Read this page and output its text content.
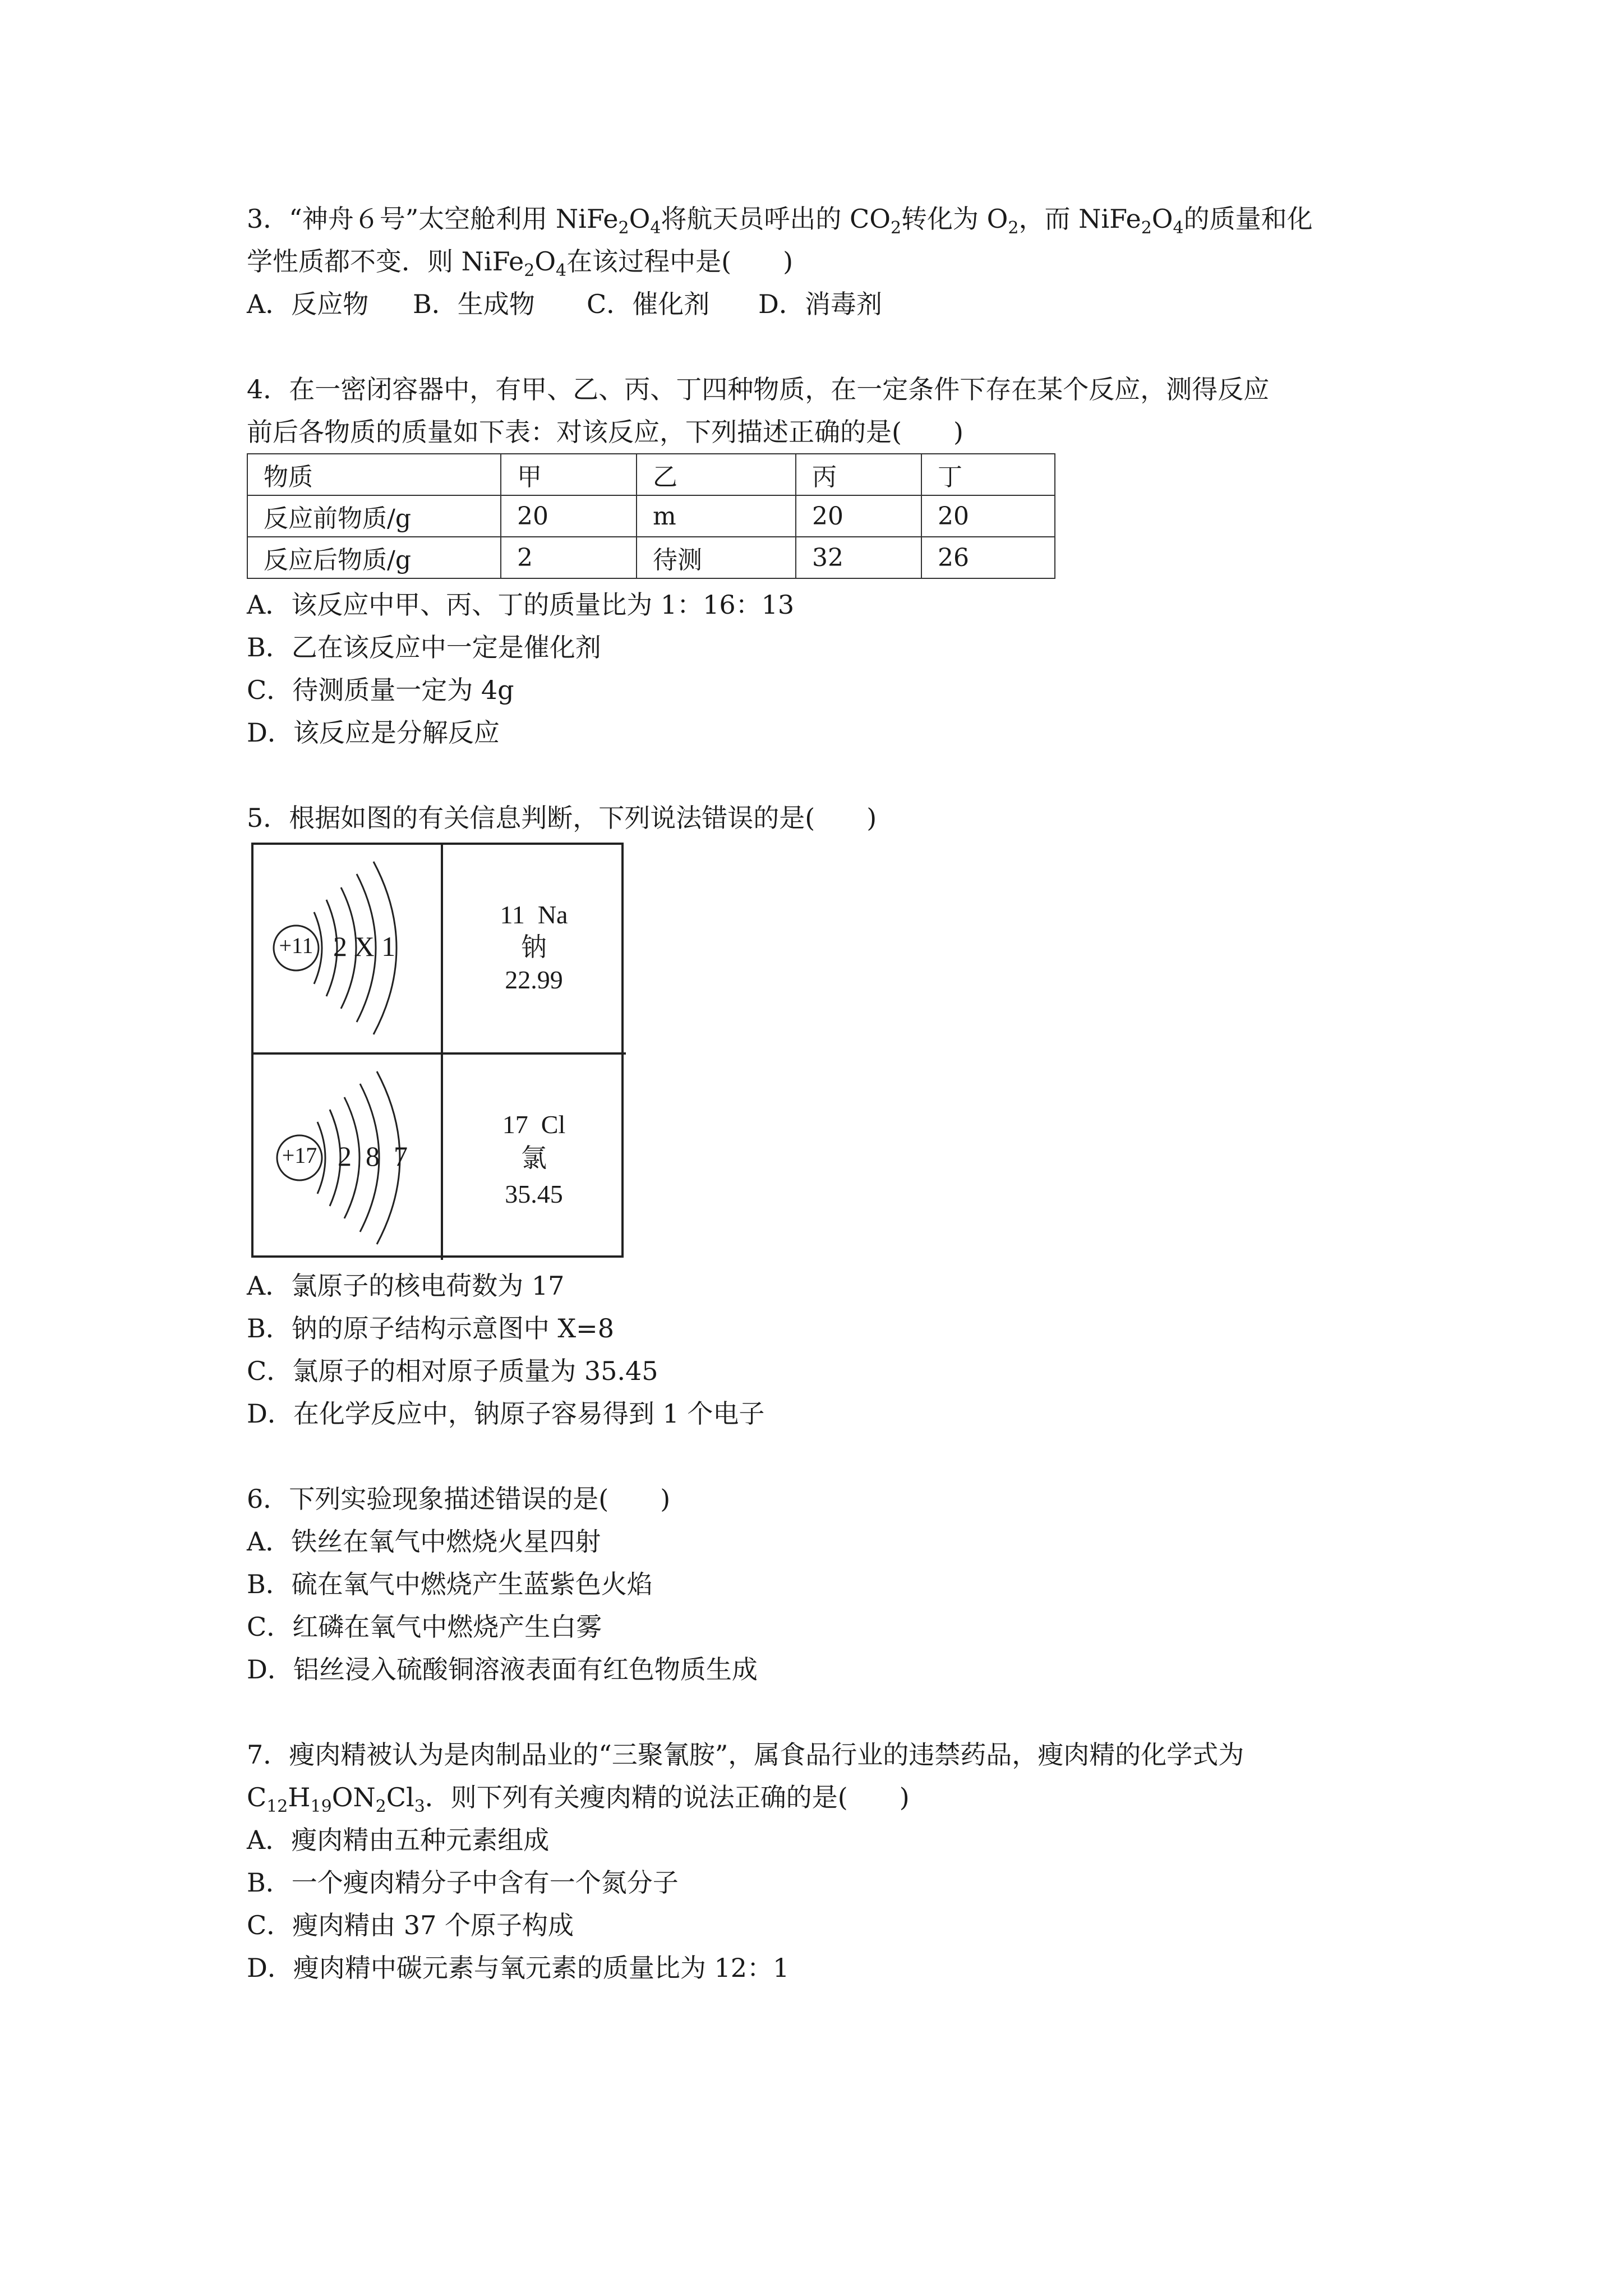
3．“神舟６号”太空舱利用 $NiFe_2O_4$将航天员呼出的 $CO_2$转化为 $O_2$，而 $NiFe_2O_4$的质量和化
学性质都不变．则 $NiFe_2O_4$在该过程中是(　　)
A．反应物 B．生成物 C．催化剂 D．消毒剂
4．在一密闭容器中，有甲、乙、丙、丁四种物质，在一定条件下存在某个反应，测得反应
前后各物质的质量如下表：对该反应，下列描述正确的是(　　)
物质	甲	乙	丙	丁
反应前物质/g	20	m	20	20
反应后物质/g	2	待测	32	26
A．该反应中甲、丙、丁的质量比为 1：16：13
B．乙在该反应中一定是催化剂
C．待测质量一定为 4g
D．该反应是分解反应
5．根据如图的有关信息判断，下列说法错误的是(　　)
+11 2 X 1
11  Na
钠
22.99
+17 2  8  7
17  Cl
氯
35.45
A．氯原子的核电荷数为 17
B．钠的原子结构示意图中 X=8
C．氯原子的相对原子质量为 35.45
D．在化学反应中，钠原子容易得到 1 个电子
6．下列实验现象描述错误的是(　　)
A．铁丝在氧气中燃烧火星四射
B．硫在氧气中燃烧产生蓝紫色火焰
C．红磷在氧气中燃烧产生白雾
D．铝丝浸入硫酸铜溶液表面有红色物质生成
7．瘦肉精被认为是肉制品业的“三聚氰胺”，属食品行业的违禁药品，瘦肉精的化学式为
$C_{12}H_{19}ON_2Cl_3$．则下列有关瘦肉精的说法正确的是(　　)
A．瘦肉精由五种元素组成
B．一个瘦肉精分子中含有一个氮分子
C．瘦肉精由 37 个原子构成
D．瘦肉精中碳元素与氧元素的质量比为 12：1
